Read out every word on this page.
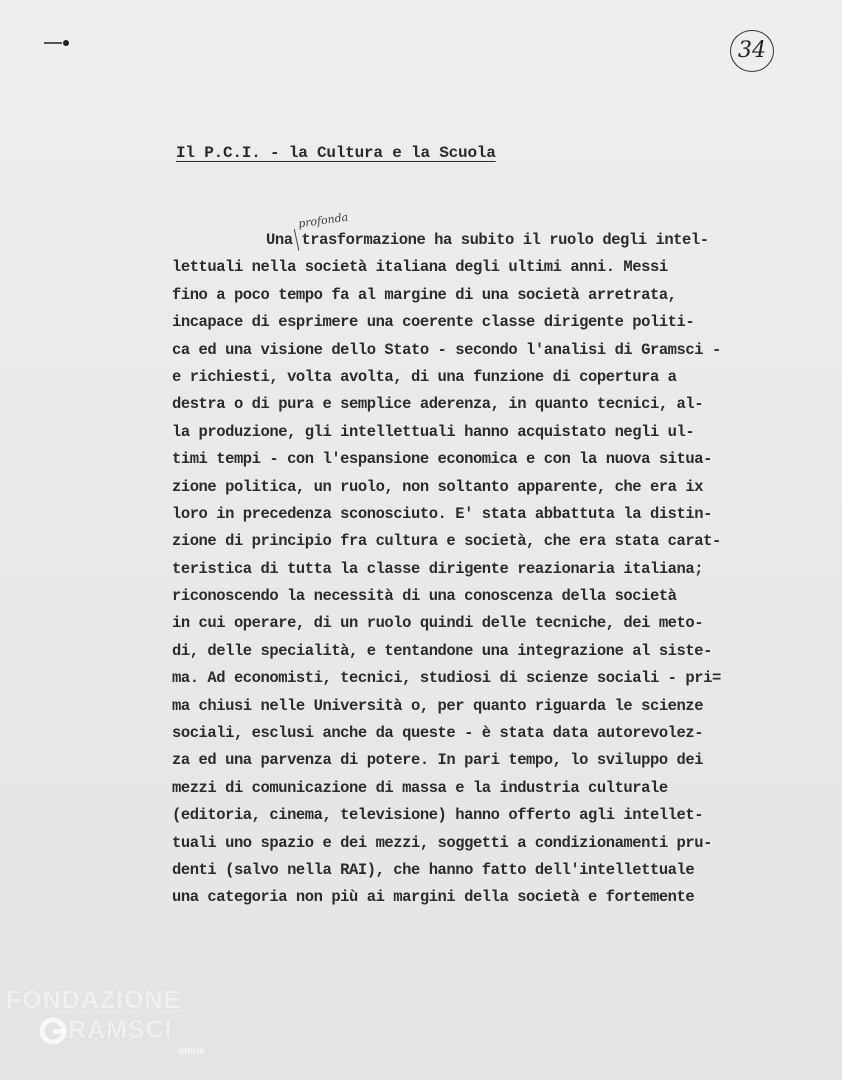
34
Il P.C.I. - la Cultura e la Scuola
profonda
Una trasformazione ha subito il ruolo degli intel-
lettuali nella società italiana degli ultimi anni. Messi
fino a poco tempo fa al margine di una società arretrata,
incapace di esprimere una coerente classe dirigente politi-
ca ed una visione dello Stato - secondo l'analisi di Gramsci -
e richiesti, volta avolta, di una funzione di copertura a
destra o di pura e semplice aderenza, in quanto tecnici, al-
la produzione, gli intellettuali hanno acquistato negli ul-
timi tempi - con l'espansione economica e con la nuova situa-
zione politica, un ruolo, non soltanto apparente, che era ix
loro in precedenza sconosciuto. E' stata abbattuta la distin-
zione di principio fra cultura e società, che era stata carat-
teristica di tutta la classe dirigente reazionaria italiana;
riconoscendo la necessità di una conoscenza della società
in cui operare, di un ruolo quindi delle tecniche, dei meto-
di, delle specialità, e tentandone una integrazione al siste-
ma. Ad economisti, tecnici, studiosi di scienze sociali - pri=
ma chiusi nelle Università o, per quanto riguarda le scienze
sociali, esclusi anche da queste - è stata data autorevolez-
za ed una parvenza di potere. In pari tempo, lo sviluppo dei
mezzi di comunicazione di massa e la industria culturale
(editoria, cinema, televisione) hanno offerto agli intellet-
tuali uno spazio e dei mezzi, soggetti a condizionamenti pru-
denti (salvo nella RAI), che hanno fatto dell'intellettuale
una categoria non più ai margini della società e fortemente
FONDAZIONE
RAMSCI
onlus
